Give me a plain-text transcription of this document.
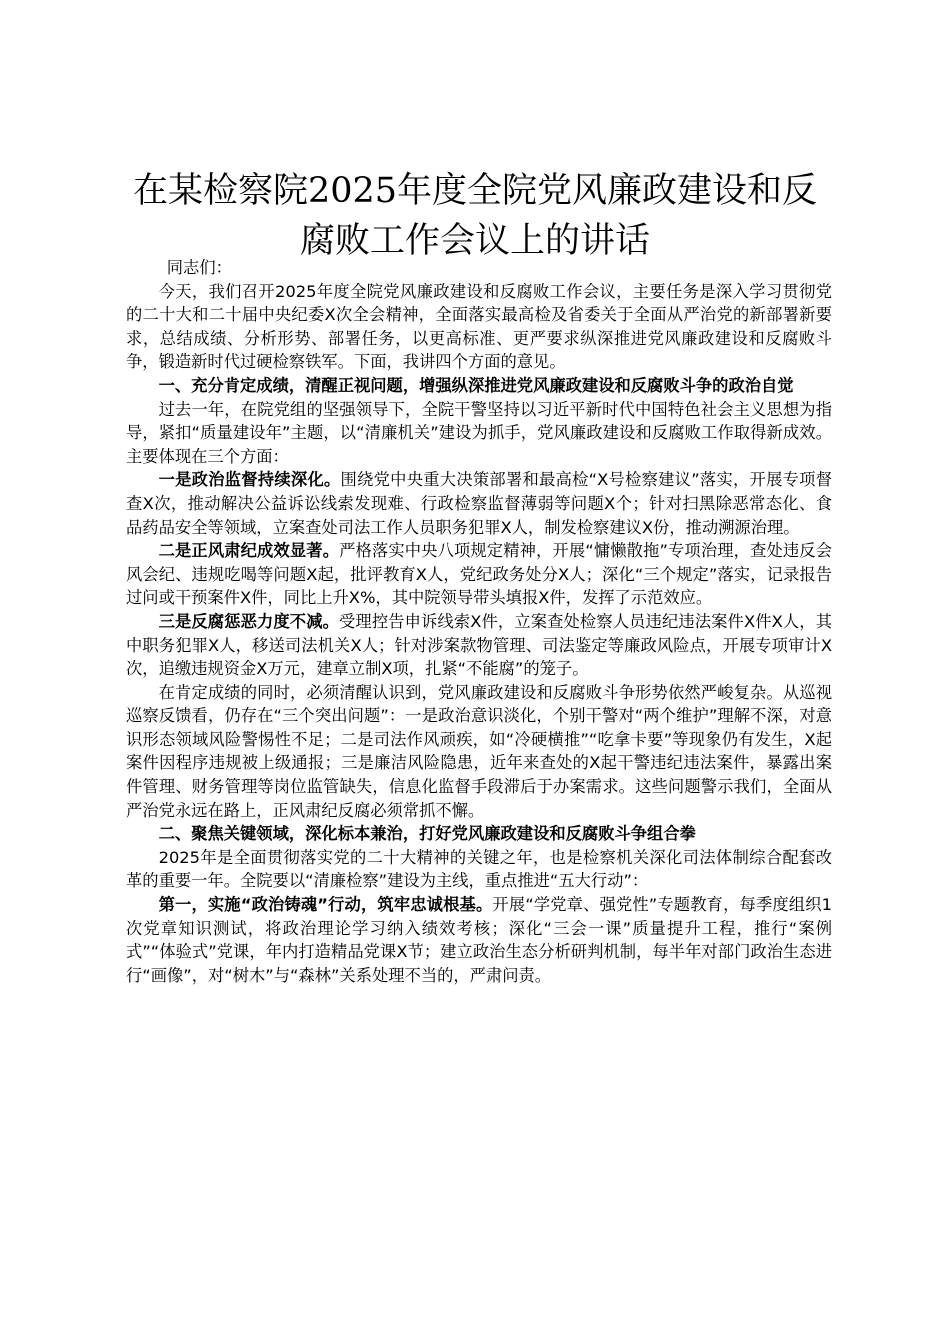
在某检察院2025年度全院党风廉政建设和反
腐败工作会议上的讲话

同志们：

今天，我们召开2025年度全院党风廉政建设和反腐败工作会议，主要任务是深入学习贯彻党的二十大和二十届中央纪委X次全会精神，全面落实最高检及省委关于全面从严治党的新部署新要求，总结成绩、分析形势、部署任务，以更高标准、更严要求纵深推进党风廉政建设和反腐败斗争，锻造新时代过硬检察铁军。下面，我讲四个方面的意见。

一、充分肯定成绩，清醒正视问题，增强纵深推进党风廉政建设和反腐败斗争的政治自觉

过去一年，在院党组的坚强领导下，全院干警坚持以习近平新时代中国特色社会主义思想为指导，紧扣“质量建设年”主题，以“清廉机关”建设为抓手，党风廉政建设和反腐败工作取得新成效。主要体现在三个方面：

一是政治监督持续深化。围绕党中央重大决策部署和最高检“X号检察建议”落实，开展专项督查X次，推动解决公益诉讼线索发现难、行政检察监督薄弱等问题X个；针对扫黑除恶常态化、食品药品安全等领域，立案查处司法工作人员职务犯罪X人，制发检察建议X份，推动溯源治理。

二是正风肃纪成效显著。严格落实中央八项规定精神，开展“慵懒散拖”专项治理，查处违反会风会纪、违规吃喝等问题X起，批评教育X人，党纪政务处分X人；深化“三个规定”落实，记录报告过问或干预案件X件，同比上升X%，其中院领导带头填报X件，发挥了示范效应。

三是反腐惩恶力度不减。受理控告申诉线索X件，立案查处检察人员违纪违法案件X件X人，其中职务犯罪X人，移送司法机关X人；针对涉案款物管理、司法鉴定等廉政风险点，开展专项审计X次，追缴违规资金X万元，建章立制X项，扎紧“不能腐”的笼子。

在肯定成绩的同时，必须清醒认识到，党风廉政建设和反腐败斗争形势依然严峻复杂。从巡视巡察反馈看，仍存在“三个突出问题”：一是政治意识淡化，个别干警对“两个维护”理解不深，对意识形态领域风险警惕性不足；二是司法作风顽疾，如“冷硬横推”“吃拿卡要”等现象仍有发生，X起案件因程序违规被上级通报；三是廉洁风险隐患，近年来查处的X起干警违纪违法案件，暴露出案件管理、财务管理等岗位监管缺失，信息化监督手段滞后于办案需求。这些问题警示我们，全面从严治党永远在路上，正风肃纪反腐必须常抓不懈。

二、聚焦关键领域，深化标本兼治，打好党风廉政建设和反腐败斗争组合拳

2025年是全面贯彻落实党的二十大精神的关键之年，也是检察机关深化司法体制综合配套改革的重要一年。全院要以“清廉检察”建设为主线，重点推进“五大行动”：

第一，实施“政治铸魂”行动，筑牢忠诚根基。开展“学党章、强党性”专题教育，每季度组织1次党章知识测试，将政治理论学习纳入绩效考核；深化“三会一课”质量提升工程，推行“案例式”“体验式”党课，年内打造精品党课X节；建立政治生态分析研判机制，每半年对部门政治生态进行“画像”，对“树木”与“森林”关系处理不当的，严肃问责。
